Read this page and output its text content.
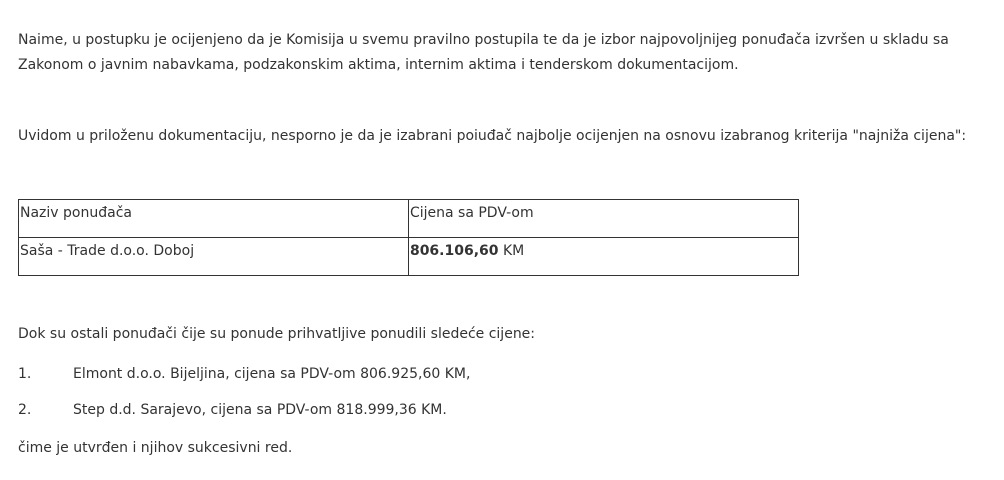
Naime, u postupku je ocijenjeno da je Komisija u svemu pravilno postupila te da je izbor najpovoljnijeg ponuđača izvršen u skladu sa Zakonom o javnim nabavkama, podzakonskim aktima, internim aktima i tenderskom dokumentacijom.

Uvidom u priloženu dokumentaciju, nesporno je da je izabrani poiuđač najbolje ocijenjen na osnovu izabranog kriterija "najniža cijena":

Naziv ponuđača	Cijena sa PDV-om
Saša - Trade d.o.o. Doboj	806.106,60 KM

Dok su ostali ponuđači čije su ponude prihvatljive ponudili sledeće cijene:

1.	Elmont d.o.o. Bijeljina, cijena sa PDV-om 806.925,60 KM,

2.	Step d.d. Sarajevo, cijena sa PDV-om 818.999,36 KM.

čime je utvrđen i njihov sukcesivni red.
